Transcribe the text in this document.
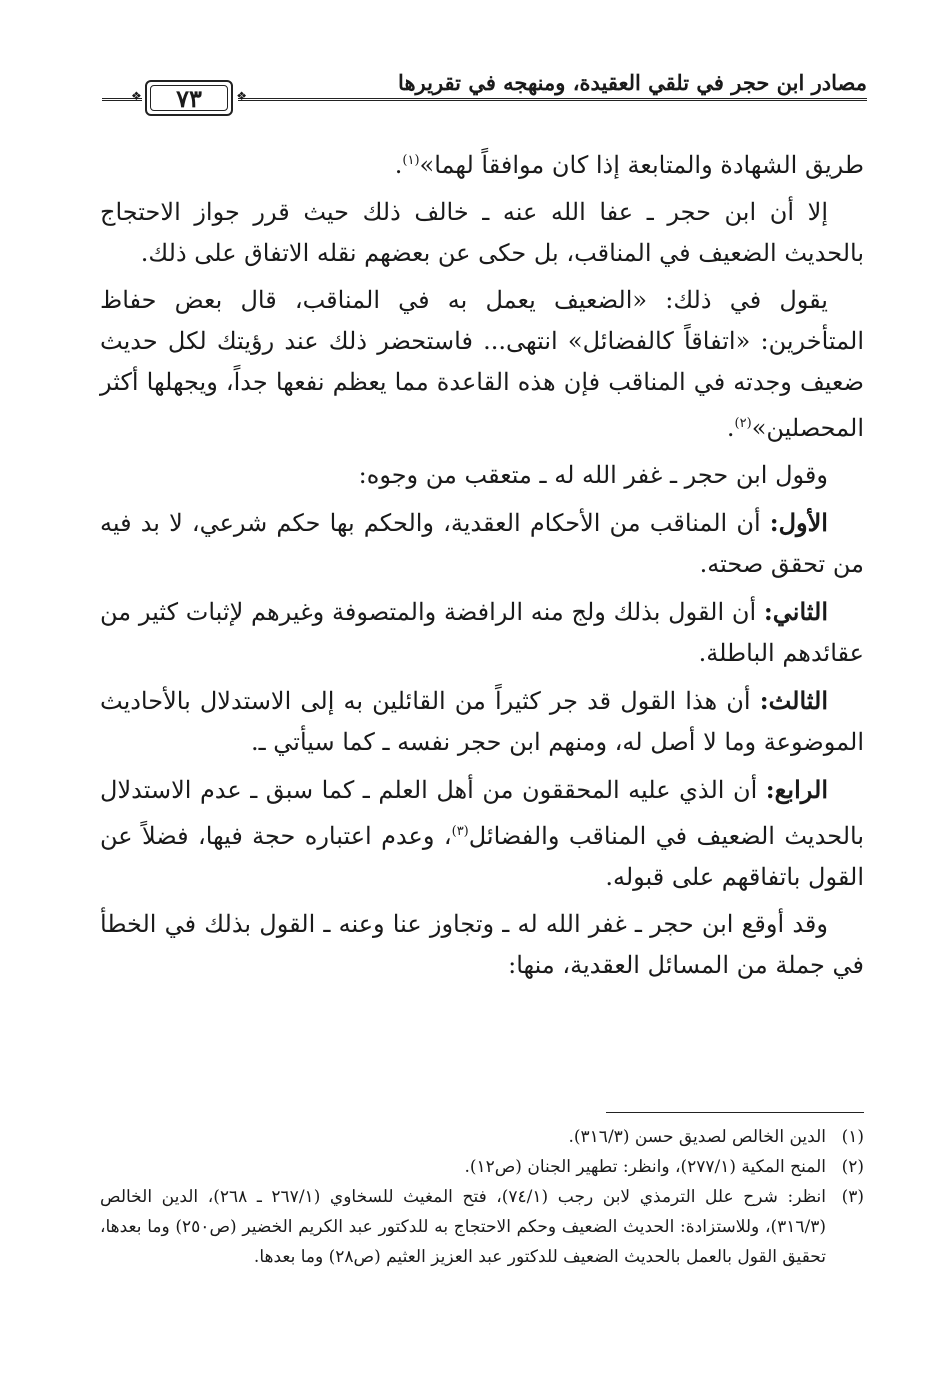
مصادر ابن حجر في تلقي العقيدة، ومنهجه في تقريرها
❖	❖
٧٣

طريق الشهادة والمتابعة إذا كان موافقاً لهما»$^{(١)}$.

إلا أن ابن حجر ـ عفا الله عنه ـ خالف ذلك حيث قرر جواز الاحتجاج بالحديث الضعيف في المناقب، بل حكى عن بعضهم نقله الاتفاق على ذلك.

يقول في ذلك: «الضعيف يعمل به في المناقب، قال بعض حفاظ المتأخرين: «اتفاقاً كالفضائل» انتهى... فاستحضر ذلك عند رؤيتك لكل حديث ضعيف وجدته في المناقب فإن هذه القاعدة مما يعظم نفعها جداً، ويجهلها أكثر المحصلين»$^{(٢)}$.

وقول ابن حجر ـ غفر الله له ـ متعقب من وجوه:

الأول: أن المناقب من الأحكام العقدية، والحكم بها حكم شرعي، لا بد فيه من تحقق صحته.

الثاني: أن القول بذلك ولج منه الرافضة والمتصوفة وغيرهم لإثبات كثير من عقائدهم الباطلة.

الثالث: أن هذا القول قد جر كثيراً من القائلين به إلى الاستدلال بالأحاديث الموضوعة وما لا أصل له، ومنهم ابن حجر نفسه ـ كما سيأتي ـ.

الرابع: أن الذي عليه المحققون من أهل العلم ـ كما سبق ـ عدم الاستدلال بالحديث الضعيف في المناقب والفضائل$^{(٣)}$، وعدم اعتباره حجة فيها، فضلاً عن القول باتفاقهم على قبوله.

وقد أوقع ابن حجر ـ غفر الله له ـ وتجاوز عنا وعنه ـ القول بذلك في الخطأ في جملة من المسائل العقدية، منها:

(١)
الدين الخالص لصديق حسن (٣١٦/٣).
(٢)
المنح المكية (٢٧٧/١)، وانظر: تطهير الجنان (ص١٢).
(٣)
انظر: شرح علل الترمذي لابن رجب (٧٤/١)، فتح المغيث للسخاوي (٢٦٧/١ ـ ٢٦٨)، الدين الخالص (٣١٦/٣)، وللاستزادة: الحديث الضعيف وحكم الاحتجاج به للدكتور عبد الكريم الخضير (ص٢٥٠) وما بعدها، تحقيق القول بالعمل بالحديث الضعيف للدكتور عبد العزيز العثيم (ص٢٨) وما بعدها.
